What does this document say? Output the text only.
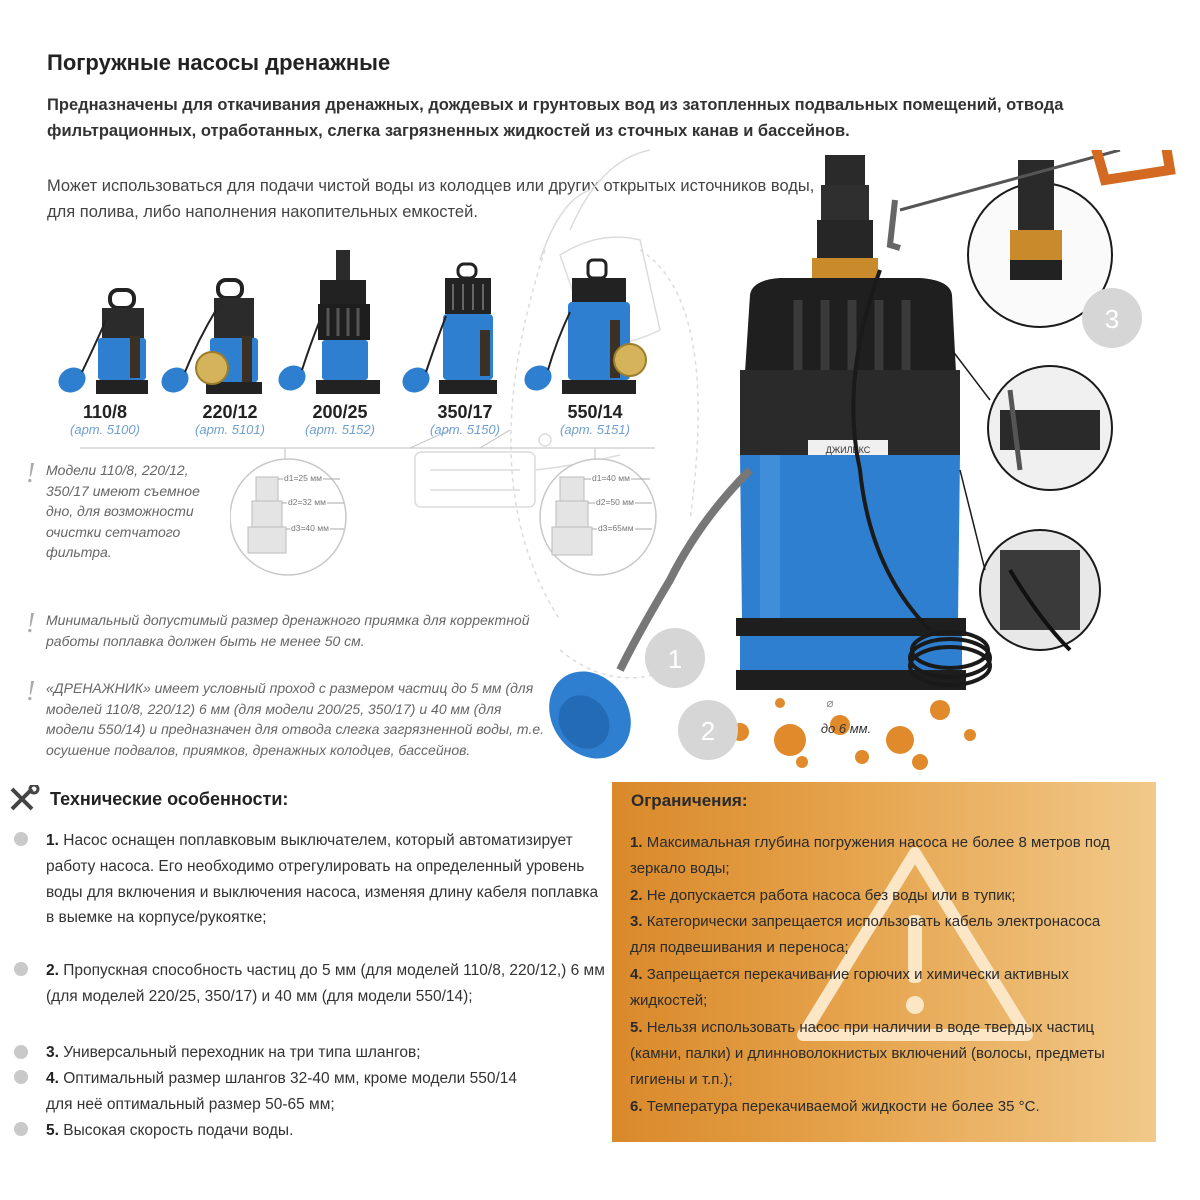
Погружные насосы дренажные
Предназначены для откачивания дренажных, дождевых и грунтовых вод из затопленных подвальных помещений, отвода фильтрационных, отработанных, слегка загрязненных жидкостей из сточных канав и бассейнов.
Может использоваться для подачи чистой воды из колодцев или других открытых источников воды, для полива, либо наполнения накопительных емкостей.
110/8
(арт. 5100)
220/12
(арт. 5101)
200/25
(арт. 5152)
350/17
(арт. 5150)
550/14
(арт. 5151)
d1=25 мм
d2=32 мм
d3=40 мм
d1=40 мм
d2=50 мм
d3=65мм
! Модели 110/8, 220/12, 350/17 имеют съемное дно, для возможности очистки сетчатого фильтра.
! Минимальный допустимый размер дренажного приямка для корректной работы поплавка должен быть не менее 50 см.
! «ДРЕНАЖНИК» имеет условный проход с размером частиц до 5 мм (для моделей 110/8, 220/12) 6 мм (для модели 200/25, 350/17) и 40 мм (для модели 550/14) и предназначен для отвода слегка загрязненной воды, т.е. осушение подвалов, приямков, дренажных колодцев, бассейнов.
ДЖИЛЕКС
1
2
⌀
до 6 мм.
3
Технические особенности:
1. Насос оснащен поплавковым выключателем, который автоматизирует работу насоса. Его необходимо отрегулировать на определенный уровень воды для включения и выключения насоса, изменяя длину кабеля поплавка в выемке на корпусе/рукоятке;
2. Пропускная способность частиц до 5 мм (для моделей 110/8, 220/12,) 6 мм (для моделей 220/25, 350/17) и 40 мм (для модели 550/14);
3. Универсальный переходник на три типа шлангов;
4. Оптимальный размер шлангов 32-40 мм, кроме модели 550/14 для неё оптимальный размер 50-65 мм;
5. Высокая скорость подачи воды.
Ограничения:
1. Максимальная глубина погружения насоса не более 8 метров под зеркало воды;
2. Не допускается работа насоса без воды или в тупик;
3. Категорически запрещается использовать кабель электронасоса для подвешивания и переноса;
4. Запрещается перекачивание горючих и химически активных жидкостей;
5. Нельзя использовать насос при наличии в воде твердых частиц (камни, палки) и длинноволокнистых включений (волосы, предметы гигиены и т.п.);
6. Температура перекачиваемой жидкости не более 35 °С.
